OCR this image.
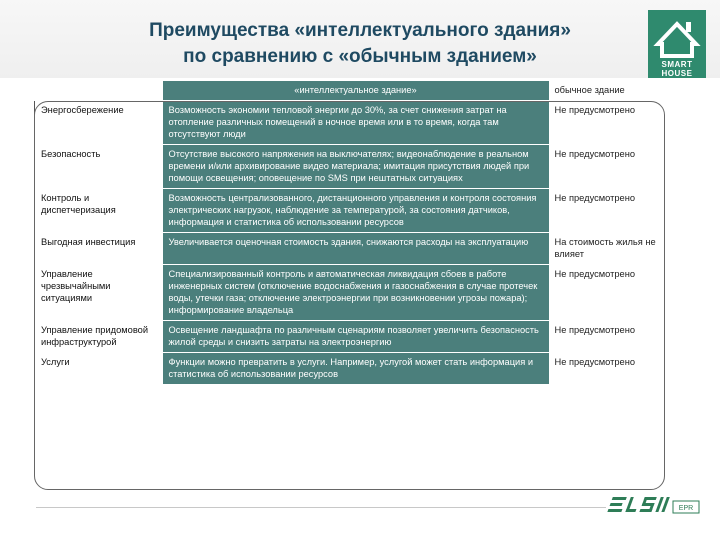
Преимущества «интеллектуального здания»
по сравнению с «обычным зданием»	SMART
HOUSE
	«интеллектуальное здание»	обычное здание
Энергосбережение	Возможность экономии тепловой энергии до 30%, за счет снижения затрат на отопление различных помещений в ночное время или в то время, когда там отсутствуют люди	Не предусмотрено
Безопасность	Отсутствие высокого напряжения на выключателях; видеонаблюдение в реальном времени и/или архивирование видео материала; имитация присутствия людей при помощи освещения; оповещение по SMS при нештатных ситуациях	Не предусмотрено
Контроль и диспетчеризация	Возможность централизованного, дистанционного управления и контроля состояния электрических нагрузок, наблюдение за температурой, за состояния датчиков, информация и статистика об использовании ресурсов	Не предусмотрено
Выгодная инвестиция	Увеличивается оценочная стоимость здания, снижаются расходы на эксплуатацию	На стоимость жилья не влияет
Управление чрезвычайными ситуациями	Специализированный контроль и автоматическая ликвидация сбоев в работе инженерных систем (отключение водоснабжения и газоснабжения в случае протечек воды, утечки газа; отключение электроэнергии при возникновении угрозы пожара); информирование владельца	Не предусмотрено
Управление придомовой инфраструктурой	Освещение ландшафта по различным сценариям позволяет увеличить безопасность жилой среды и снизить затраты на электроэнергию	Не предусмотрено
Услуги	Функции можно превратить в услуги. Например, услугой может стать информация и статистика об использовании ресурсов	Не предусмотрено
EPR
